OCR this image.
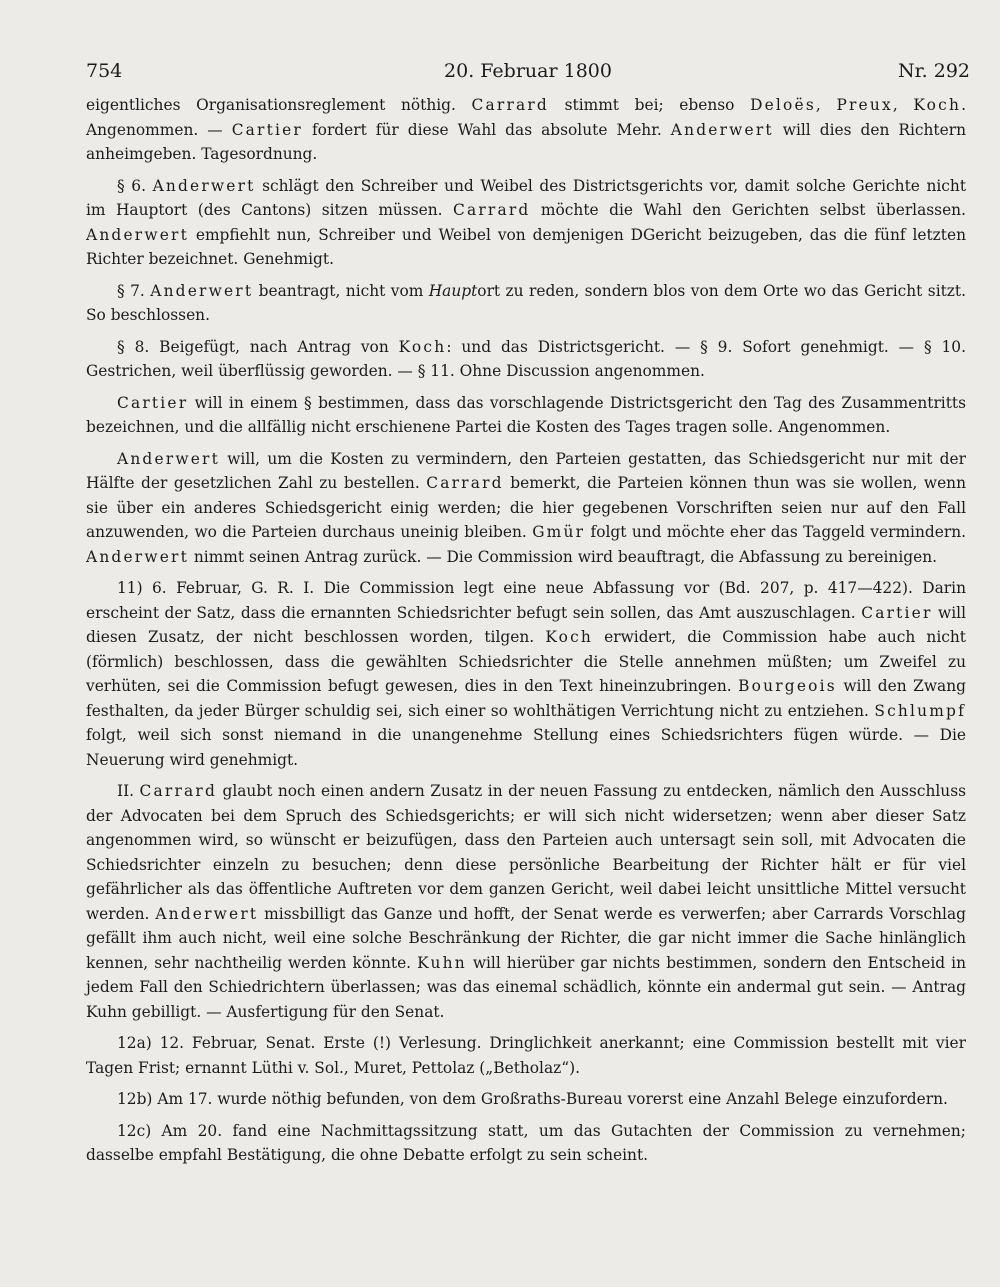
754	20. Februar 1800	Nr. 292

eigentliches Organisationsreglement nöthig. Carrard stimmt bei; ebenso Deloës, Preux, Koch. Angenommen. — Cartier fordert für diese Wahl das absolute Mehr. Anderwert will dies den Richtern anheimgeben. Tagesordnung.

§ 6. Anderwert schlägt den Schreiber und Weibel des Districtsgerichts vor, damit solche Gerichte nicht im Hauptort (des Cantons) sitzen müssen. Carrard möchte die Wahl den Gerichten selbst überlassen. Anderwert empfiehlt nun, Schreiber und Weibel von demjenigen DGericht beizugeben, das die fünf letzten Richter bezeichnet. Genehmigt.

§ 7. Anderwert beantragt, nicht vom Hauptort zu reden, sondern blos von dem Orte wo das Gericht sitzt. So beschlossen.

§ 8. Beigefügt, nach Antrag von Koch: und das Districtsgericht. — § 9. Sofort genehmigt. — § 10. Gestrichen, weil überflüssig geworden. — § 11. Ohne Discussion angenommen.

Cartier will in einem § bestimmen, dass das vorschlagende Districtsgericht den Tag des Zusammentritts bezeichnen, und die allfällig nicht erschienene Partei die Kosten des Tages tragen solle. Angenommen.

Anderwert will, um die Kosten zu vermindern, den Parteien gestatten, das Schiedsgericht nur mit der Hälfte der gesetzlichen Zahl zu bestellen. Carrard bemerkt, die Parteien können thun was sie wollen, wenn sie über ein anderes Schiedsgericht einig werden; die hier gegebenen Vorschriften seien nur auf den Fall anzuwenden, wo die Parteien durchaus uneinig bleiben. Gmür folgt und möchte eher das Taggeld vermindern. Anderwert nimmt seinen Antrag zurück. — Die Commission wird beauftragt, die Abfassung zu bereinigen.

11) 6. Februar, G. R. I. Die Commission legt eine neue Abfassung vor (Bd. 207, p. 417—422). Darin erscheint der Satz, dass die ernannten Schiedsrichter befugt sein sollen, das Amt auszuschlagen. Cartier will diesen Zusatz, der nicht beschlossen worden, tilgen. Koch erwidert, die Commission habe auch nicht (förmlich) beschlossen, dass die gewählten Schiedsrichter die Stelle annehmen müßten; um Zweifel zu verhüten, sei die Commission befugt gewesen, dies in den Text hineinzubringen. Bourgeois will den Zwang festhalten, da jeder Bürger schuldig sei, sich einer so wohlthätigen Verrichtung nicht zu entziehen. Schlumpf folgt, weil sich sonst niemand in die unangenehme Stellung eines Schiedsrichters fügen würde. — Die Neuerung wird genehmigt.

II. Carrard glaubt noch einen andern Zusatz in der neuen Fassung zu entdecken, nämlich den Ausschluss der Advocaten bei dem Spruch des Schiedsgerichts; er will sich nicht widersetzen; wenn aber dieser Satz angenommen wird, so wünscht er beizufügen, dass den Parteien auch untersagt sein soll, mit Advocaten die Schiedsrichter einzeln zu besuchen; denn diese persönliche Bearbeitung der Richter hält er für viel gefährlicher als das öffentliche Auftreten vor dem ganzen Gericht, weil dabei leicht unsittliche Mittel versucht werden. Anderwert missbilligt das Ganze und hofft, der Senat werde es verwerfen; aber Carrards Vorschlag gefällt ihm auch nicht, weil eine solche Beschränkung der Richter, die gar nicht immer die Sache hinlänglich kennen, sehr nachtheilig werden könnte. Kuhn will hierüber gar nichts bestimmen, sondern den Entscheid in jedem Fall den Schiedrichtern überlassen; was das einemal schädlich, könnte ein andermal gut sein. — Antrag Kuhn gebilligt. — Ausfertigung für den Senat.

12a) 12. Februar, Senat. Erste (!) Verlesung. Dringlichkeit anerkannt; eine Commission bestellt mit vier Tagen Frist; ernannt Lüthi v. Sol., Muret, Pettolaz („Betholaz“).

12b) Am 17. wurde nöthig befunden, von dem Großraths-Bureau vorerst eine Anzahl Belege einzufordern.

12c) Am 20. fand eine Nachmittagssitzung statt, um das Gutachten der Commission zu vernehmen; dasselbe empfahl Bestätigung, die ohne Debatte erfolgt zu sein scheint.
